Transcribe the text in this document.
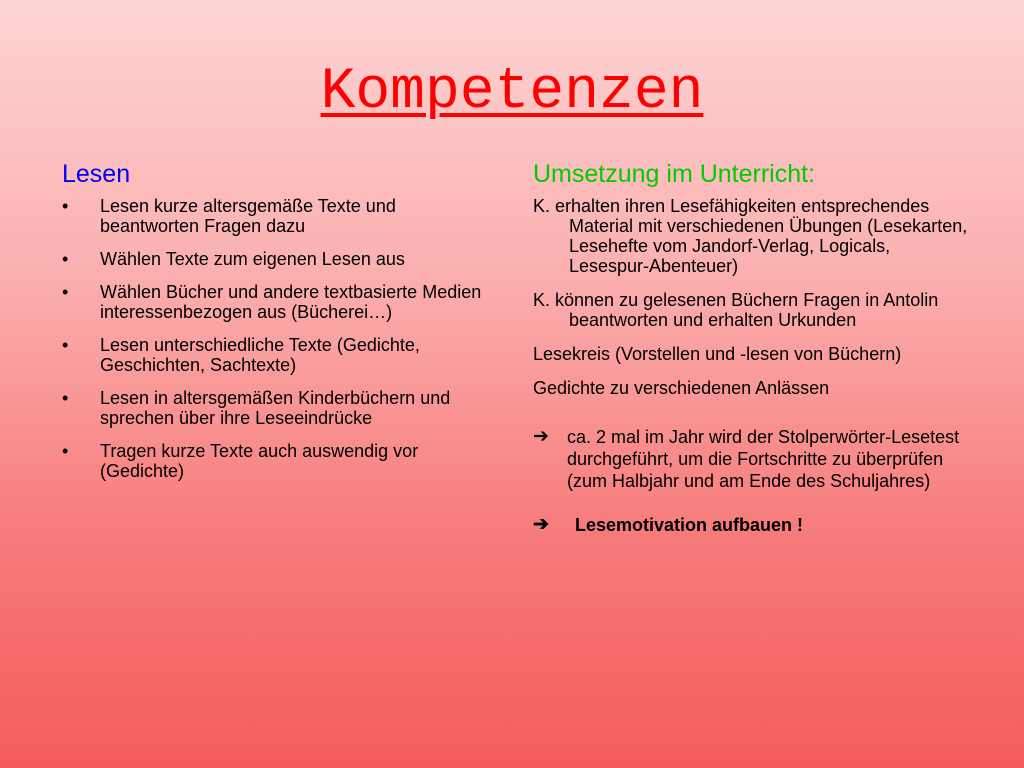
Kompetenzen
Lesen
• Lesen kurze altersgemäße Texte und beantworten Fragen dazu
• Wählen Texte zum eigenen Lesen aus
• Wählen Bücher und andere textbasierte Medien interessenbezogen aus (Bücherei…)
• Lesen unterschiedliche Texte (Gedichte, Geschichten, Sachtexte)
• Lesen in altersgemäßen Kinderbüchern und sprechen über ihre Leseeindrücke
• Tragen kurze Texte auch auswendig vor (Gedichte)
Umsetzung im Unterricht:
K. erhalten ihren Lesefähigkeiten entsprechendes Material mit verschiedenen Übungen (Lesekarten, Lesehefte vom Jandorf-Verlag, Logicals, Lesespur-Abenteuer)
K. können zu gelesenen Büchern Fragen in Antolin beantworten und erhalten Urkunden
Lesekreis (Vorstellen und -lesen von Büchern)
Gedichte zu verschiedenen Anlässen
➔ ca. 2 mal im Jahr wird der Stolperwörter-Lesetest durchgeführt, um die Fortschritte zu überprüfen (zum Halbjahr und am Ende des Schuljahres)
➔ Lesemotivation aufbauen !
